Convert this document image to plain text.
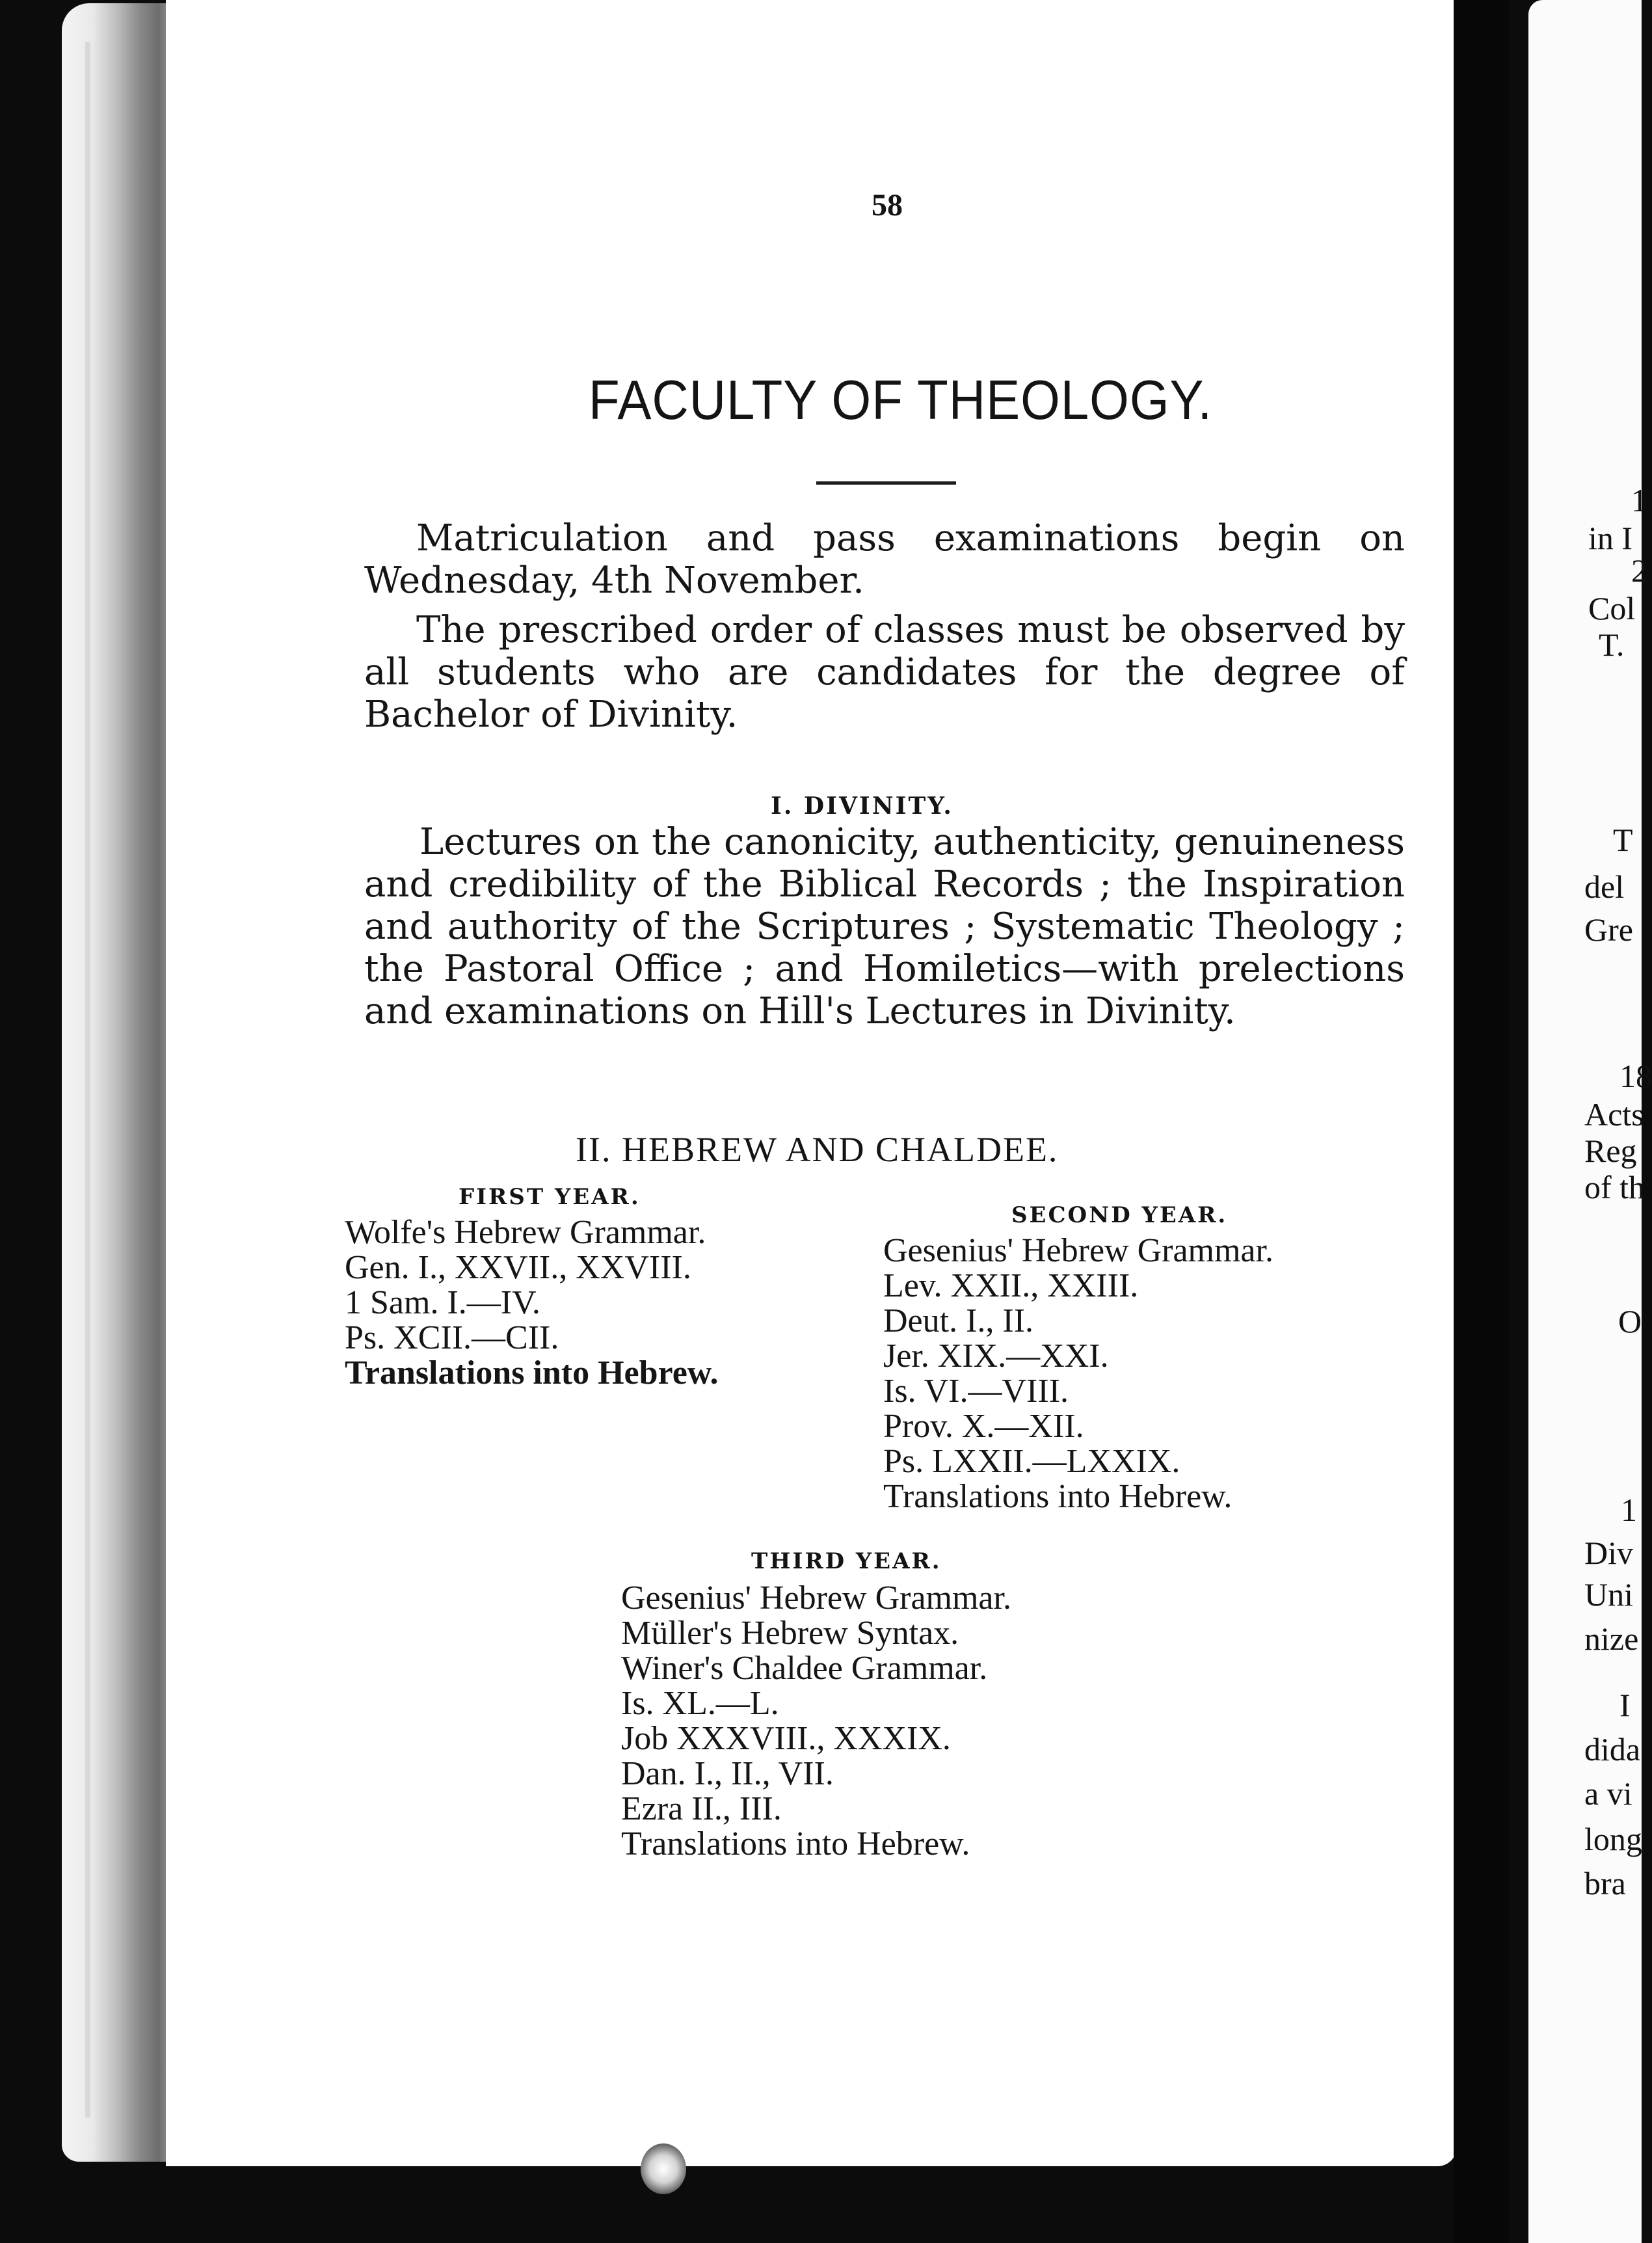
1
in I
2
Col
T.
T
del
Gre
18
Acts
Reg
of th
O
1
Div
Uni
nize
I
dida
a vi
long
bra
58
FACULTY OF THEOLOGY.
Matriculation and pass examinations begin on Wednesday, 4th November.
The prescribed order of classes must be observed by all students who are candidates for the degree of Bachelor of Divinity.
I. DIVINITY.
Lectures on the canonicity, authenticity, genuineness and credibility of the Biblical Records ; the Inspiration and authority of the Scriptures ; Systematic Theology ; the Pastoral Office ; and Homiletics—with prelections and examinations on Hill's Lectures in Divinity.
II. HEBREW AND CHALDEE.
FIRST YEAR.
Wolfe's Hebrew Grammar.
Gen. I., XXVII., XXVIII.
1 Sam. I.—IV.
Ps. XCII.—CII.
Translations into Hebrew.
SECOND YEAR.
Gesenius' Hebrew Grammar.
Lev. XXII., XXIII.
Deut. I., II.
Jer. XIX.—XXI.
Is. VI.—VIII.
Prov. X.—XII.
Ps. LXXII.—LXXIX.
Translations into Hebrew.
THIRD YEAR.
Gesenius' Hebrew Grammar.
Müller's Hebrew Syntax.
Winer's Chaldee Grammar.
Is. XL.—L.
Job XXXVIII., XXXIX.
Dan. I., II., VII.
Ezra II., III.
Translations into Hebrew.
